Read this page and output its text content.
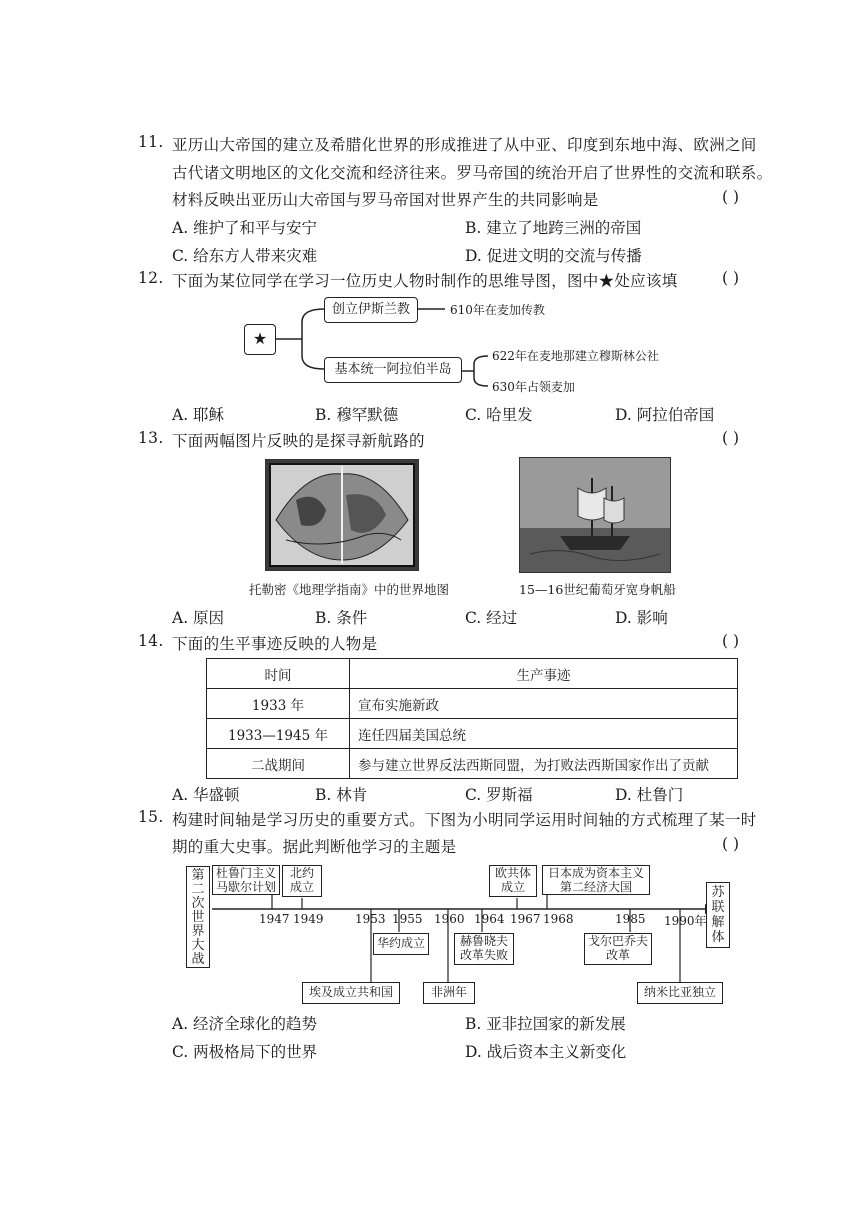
11. 亚历山大帝国的建立及希腊化世界的形成推进了从中亚、印度到东地中海、欧洲之间
古代诸文明地区的文化交流和经济往来。罗马帝国的统治开启了世界性的交流和联系。
材料反映出亚历山大帝国与罗马帝国对世界产生的共同影响是	( )
A. 维护了和平与安宁	B. 建立了地跨三洲的帝国
C. 给东方人带来灾难	D. 促进文明的交流与传播
12. 下面为某位同学在学习一位历史人物时制作的思维导图，图中★处应该填	( )
★
创立伊斯兰教	610年在麦加传教
基本统一阿拉伯半岛
622年在麦地那建立穆斯林公社
630年占领麦加
A. 耶稣	B. 穆罕默德	C. 哈里发	D. 阿拉伯帝国
13. 下面两幅图片反映的是探寻新航路的	( )
托勒密《地理学指南》中的世界地图	15—16世纪葡萄牙宽身帆船
A. 原因	B. 条件	C. 经过	D. 影响
14. 下面的生平事迹反映的人物是	( )
时间	生产事迹
1933 年	宣布实施新政
1933—1945 年	连任四届美国总统
二战期间	参与建立世界反法西斯同盟，为打败法西斯国家作出了贡献
A. 华盛顿	B. 林肯	C. 罗斯福	D. 杜鲁门
15. 构建时间轴是学习历史的重要方式。下图为小明同学运用时间轴的方式梳理了某一时
期的重大史事。据此判断他学习的主题是	( )
第二次世界大战
苏联解体
杜鲁门主义
马歇尔计划
北约
成立
欧共体
成立
日本成为资本主义
第二经济大国
1947 1949	1953 1955 1960 1964 1967 1968	1985 1990年
华约成立	赫鲁晓夫
改革失败
戈尔巴乔夫
改革
埃及成立共和国	非洲年	纳米比亚独立
A. 经济全球化的趋势	B. 亚非拉国家的新发展
C. 两极格局下的世界	D. 战后资本主义新变化
